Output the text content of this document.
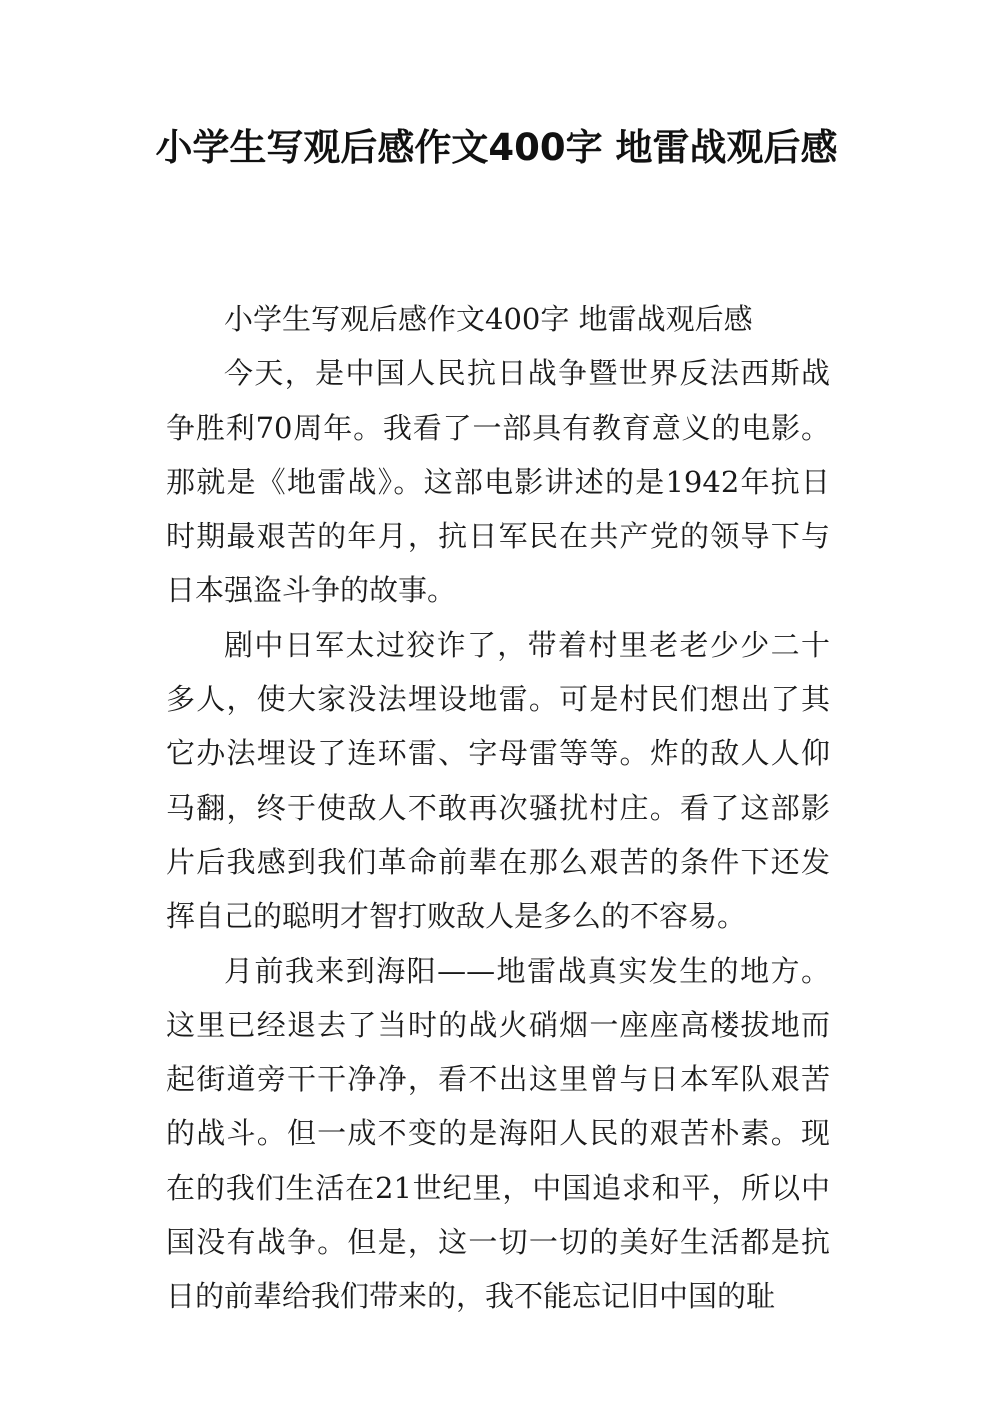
小学生写观后感作文400字 地雷战观后感

小学生写观后感作文400字 地雷战观后感

今天，是中国人民抗日战争暨世界反法西斯战争胜利70周年。我看了一部具有教育意义的电影。那就是《地雷战》。这部电影讲述的是1942年抗日时期最艰苦的年月，抗日军民在共产党的领导下与日本强盗斗争的故事。

剧中日军太过狡诈了，带着村里老老少少二十多人，使大家没法埋设地雷。可是村民们想出了其它办法埋设了连环雷、字母雷等等。炸的敌人人仰马翻，终于使敌人不敢再次骚扰村庄。看了这部影片后我感到我们革命前辈在那么艰苦的条件下还发挥自己的聪明才智打败敌人是多么的不容易。

月前我来到海阳——地雷战真实发生的地方。这里已经退去了当时的战火硝烟一座座高楼拔地而起街道旁干干净净，看不出这里曾与日本军队艰苦的战斗。但一成不变的是海阳人民的艰苦朴素。现在的我们生活在21世纪里，中国追求和平，所以中国没有战争。但是，这一切一切的美好生活都是抗日的前辈给我们带来的，我不能忘记旧中国的耻
